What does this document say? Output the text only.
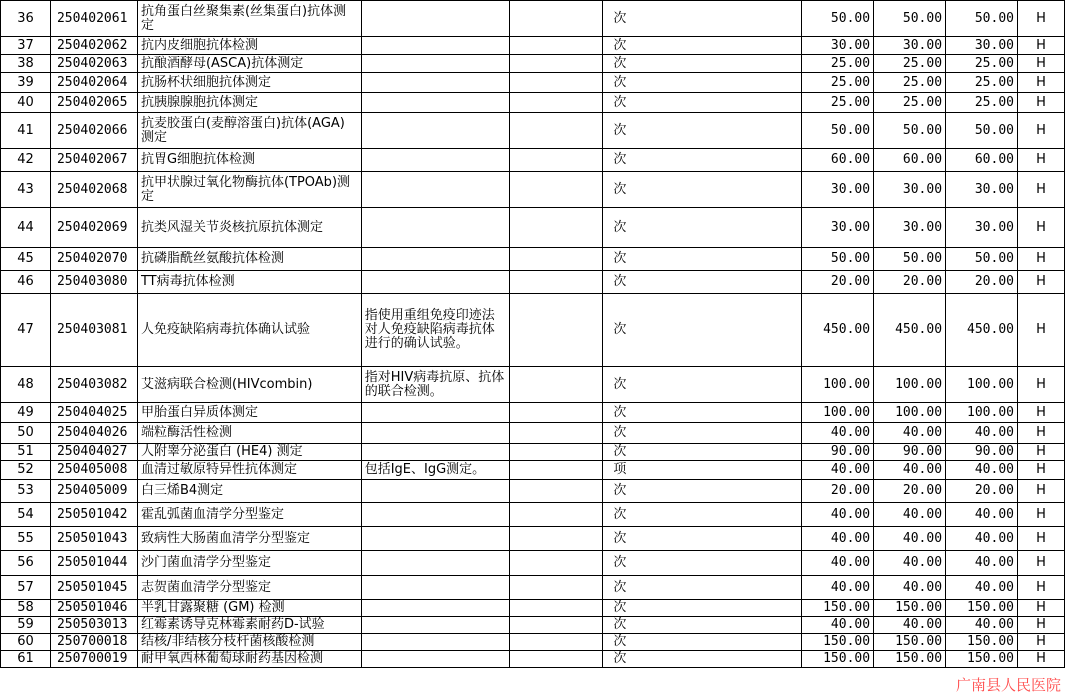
36	250402061	抗角蛋白丝聚集素(丝集蛋白)抗体测定			次	50.00	50.00	50.00	H
37	250402062	抗内皮细胞抗体检测			次	30.00	30.00	30.00	H
38	250402063	抗酿酒酵母(ASCA)抗体测定			次	25.00	25.00	25.00	H
39	250402064	抗肠杯状细胞抗体测定			次	25.00	25.00	25.00	H
40	250402065	抗胰腺腺胞抗体测定			次	25.00	25.00	25.00	H
41	250402066	抗麦胶蛋白(麦醇溶蛋白)抗体(AGA)测定			次	50.00	50.00	50.00	H
42	250402067	抗胃G细胞抗体检测			次	60.00	60.00	60.00	H
43	250402068	抗甲状腺过氧化物酶抗体(TPOAb)测定			次	30.00	30.00	30.00	H
44	250402069	抗类风湿关节炎核抗原抗体测定			次	30.00	30.00	30.00	H
45	250402070	抗磷脂酰丝氨酸抗体检测			次	50.00	50.00	50.00	H
46	250403080	TT病毒抗体检测			次	20.00	20.00	20.00	H
47	250403081	人免疫缺陷病毒抗体确认试验	指使用重组免疫印迹法对人免疫缺陷病毒抗体进行的确认试验。		次	450.00	450.00	450.00	H
48	250403082	艾滋病联合检测(HIVcombin)	指对HIV病毒抗原、抗体的联合检测。		次	100.00	100.00	100.00	H
49	250404025	甲胎蛋白异质体测定			次	100.00	100.00	100.00	H
50	250404026	端粒酶活性检测			次	40.00	40.00	40.00	H
51	250404027	人附睾分泌蛋白 (HE4) 测定			次	90.00	90.00	90.00	H
52	250405008	血清过敏原特异性抗体测定	包括IgE、IgG测定。		项	40.00	40.00	40.00	H
53	250405009	白三烯B4测定			次	20.00	20.00	20.00	H
54	250501042	霍乱弧菌血清学分型鉴定			次	40.00	40.00	40.00	H
55	250501043	致病性大肠菌血清学分型鉴定			次	40.00	40.00	40.00	H
56	250501044	沙门菌血清学分型鉴定			次	40.00	40.00	40.00	H
57	250501045	志贺菌血清学分型鉴定			次	40.00	40.00	40.00	H
58	250501046	半乳甘露聚糖 (GM) 检测			次	150.00	150.00	150.00	H
59	250503013	红霉素诱导克林霉素耐药D-试验			次	40.00	40.00	40.00	H
60	250700018	结核/非结核分枝杆菌核酸检测			次	150.00	150.00	150.00	H
61	250700019	耐甲氧西林葡萄球耐药基因检测			次	150.00	150.00	150.00	H
广南县人民医院
